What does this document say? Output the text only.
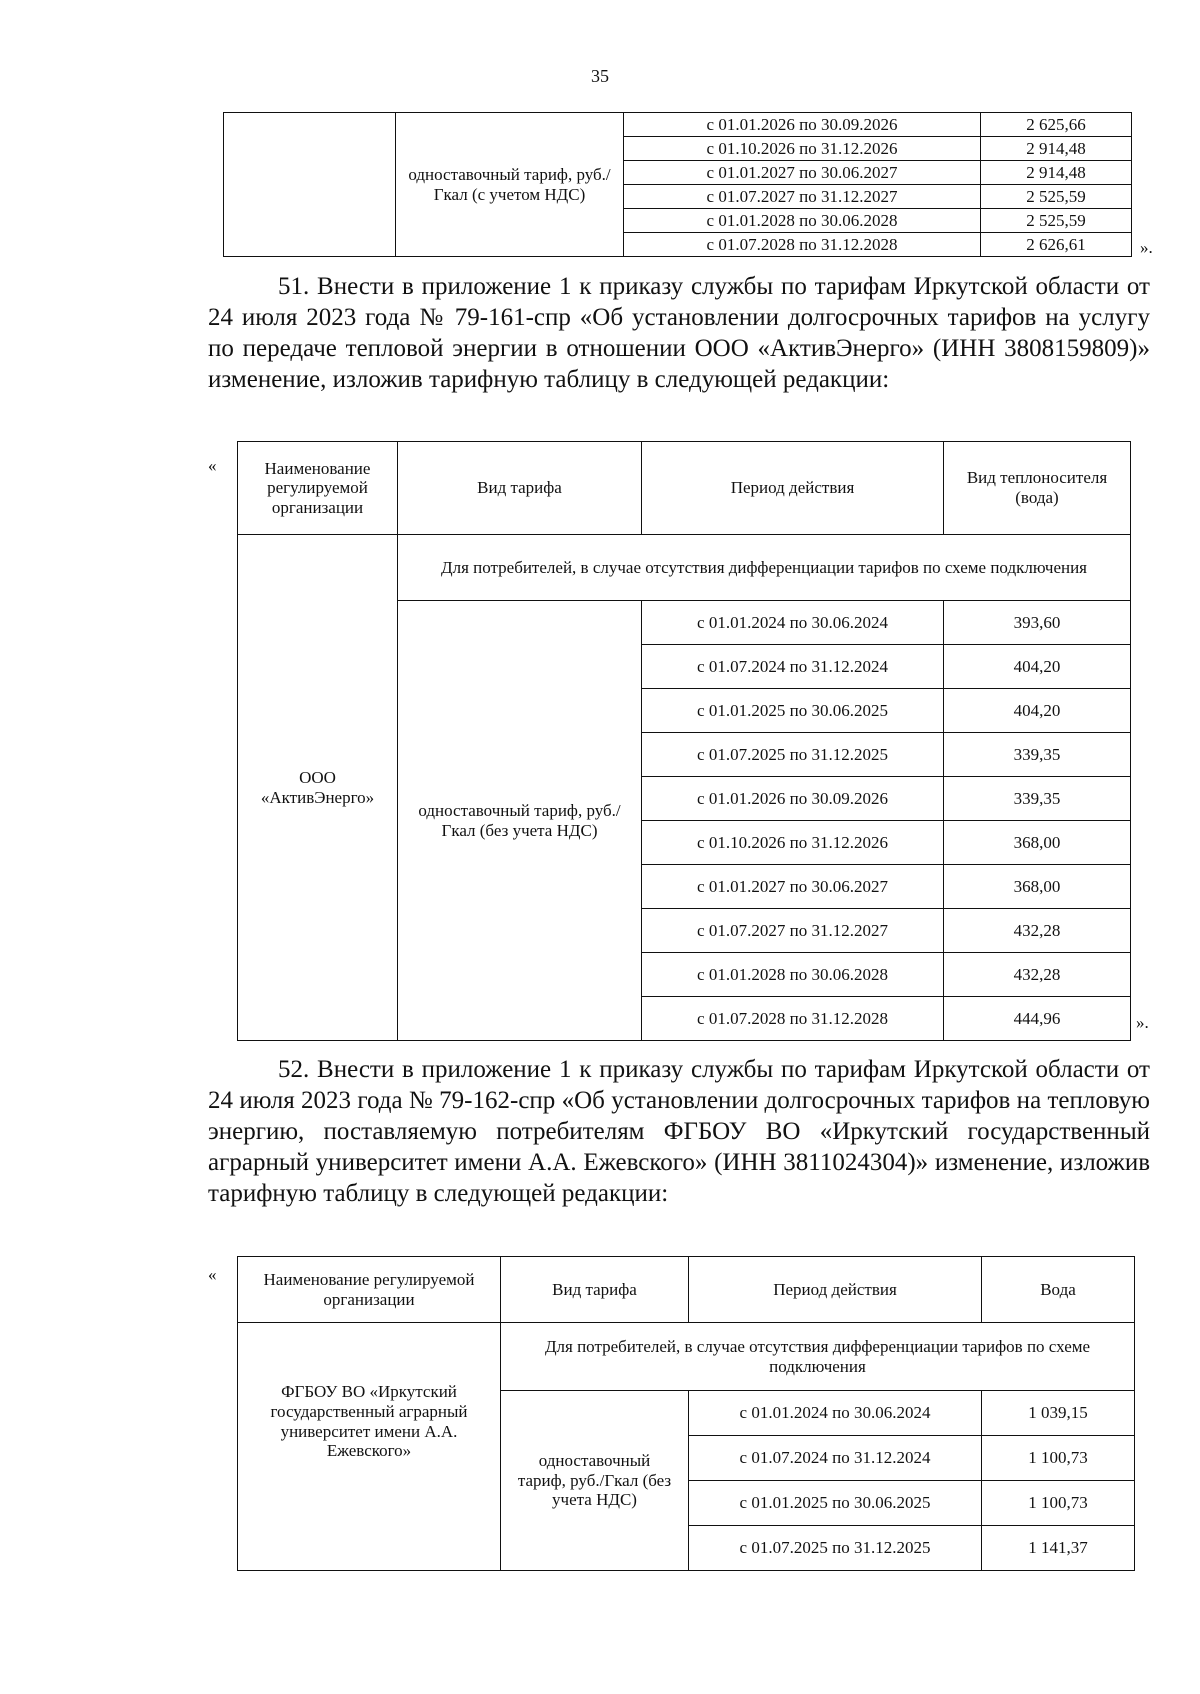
35
	одноставочный тариф, руб./Гкал (с учетом НДС)	с 01.01.2026 по 30.09.2026	2 625,66
		с 01.10.2026 по 31.12.2026	2 914,48
		с 01.01.2027 по 30.06.2027	2 914,48
		с 01.07.2027 по 31.12.2027	2 525,59
		с 01.01.2028 по 30.06.2028	2 525,59
		с 01.07.2028 по 31.12.2028	2 626,61	».
51. Внести в приложение 1 к приказу службы по тарифам Иркутской области от 24 июля 2023 года № 79-161-спр «Об установлении долгосрочных тарифов на услугу по передаче тепловой энергии в отношении ООО «АктивЭнерго» (ИНН 3808159809)» изменение, изложив тарифную таблицу в следующей редакции:
«	Наименование регулируемой организации	Вид тарифа	Период действия	Вид теплоносителя (вода)
ООО «АктивЭнерго»	Для потребителей, в случае отсутствия дифференциации тарифов по схеме подключения		
	одноставочный тариф, руб./Гкал (без учета НДС)	с 01.01.2024 по 30.06.2024	393,60
		с 01.07.2024 по 31.12.2024	404,20
		с 01.01.2025 по 30.06.2025	404,20
		с 01.07.2025 по 31.12.2025	339,35
		с 01.01.2026 по 30.09.2026	339,35
		с 01.10.2026 по 31.12.2026	368,00
		с 01.01.2027 по 30.06.2027	368,00
		с 01.07.2027 по 31.12.2027	432,28
		с 01.01.2028 по 30.06.2028	432,28
		с 01.07.2028 по 31.12.2028	444,96	».
52. Внести в приложение 1 к приказу службы по тарифам Иркутской области от 24 июля 2023 года № 79-162-спр «Об установлении долгосрочных тарифов на тепловую энергию, поставляемую потребителям ФГБОУ ВО «Иркутский государственный аграрный университет имени А.А. Ежевского» (ИНН 3811024304)» изменение, изложив тарифную таблицу в следующей редакции:
«	Наименование регулируемой организации	Вид тарифа	Период действия	Вода
ФГБОУ ВО «Иркутский государственный аграрный университет имени А.А. Ежевского»	Для потребителей, в случае отсутствия дифференциации тарифов по схеме подключения		
	одноставочный тариф, руб./Гкал (без учета НДС)	с 01.01.2024 по 30.06.2024	1 039,15
		с 01.07.2024 по 31.12.2024	1 100,73
		с 01.01.2025 по 30.06.2025	1 100,73
		с 01.07.2025 по 31.12.2025	1 141,37
